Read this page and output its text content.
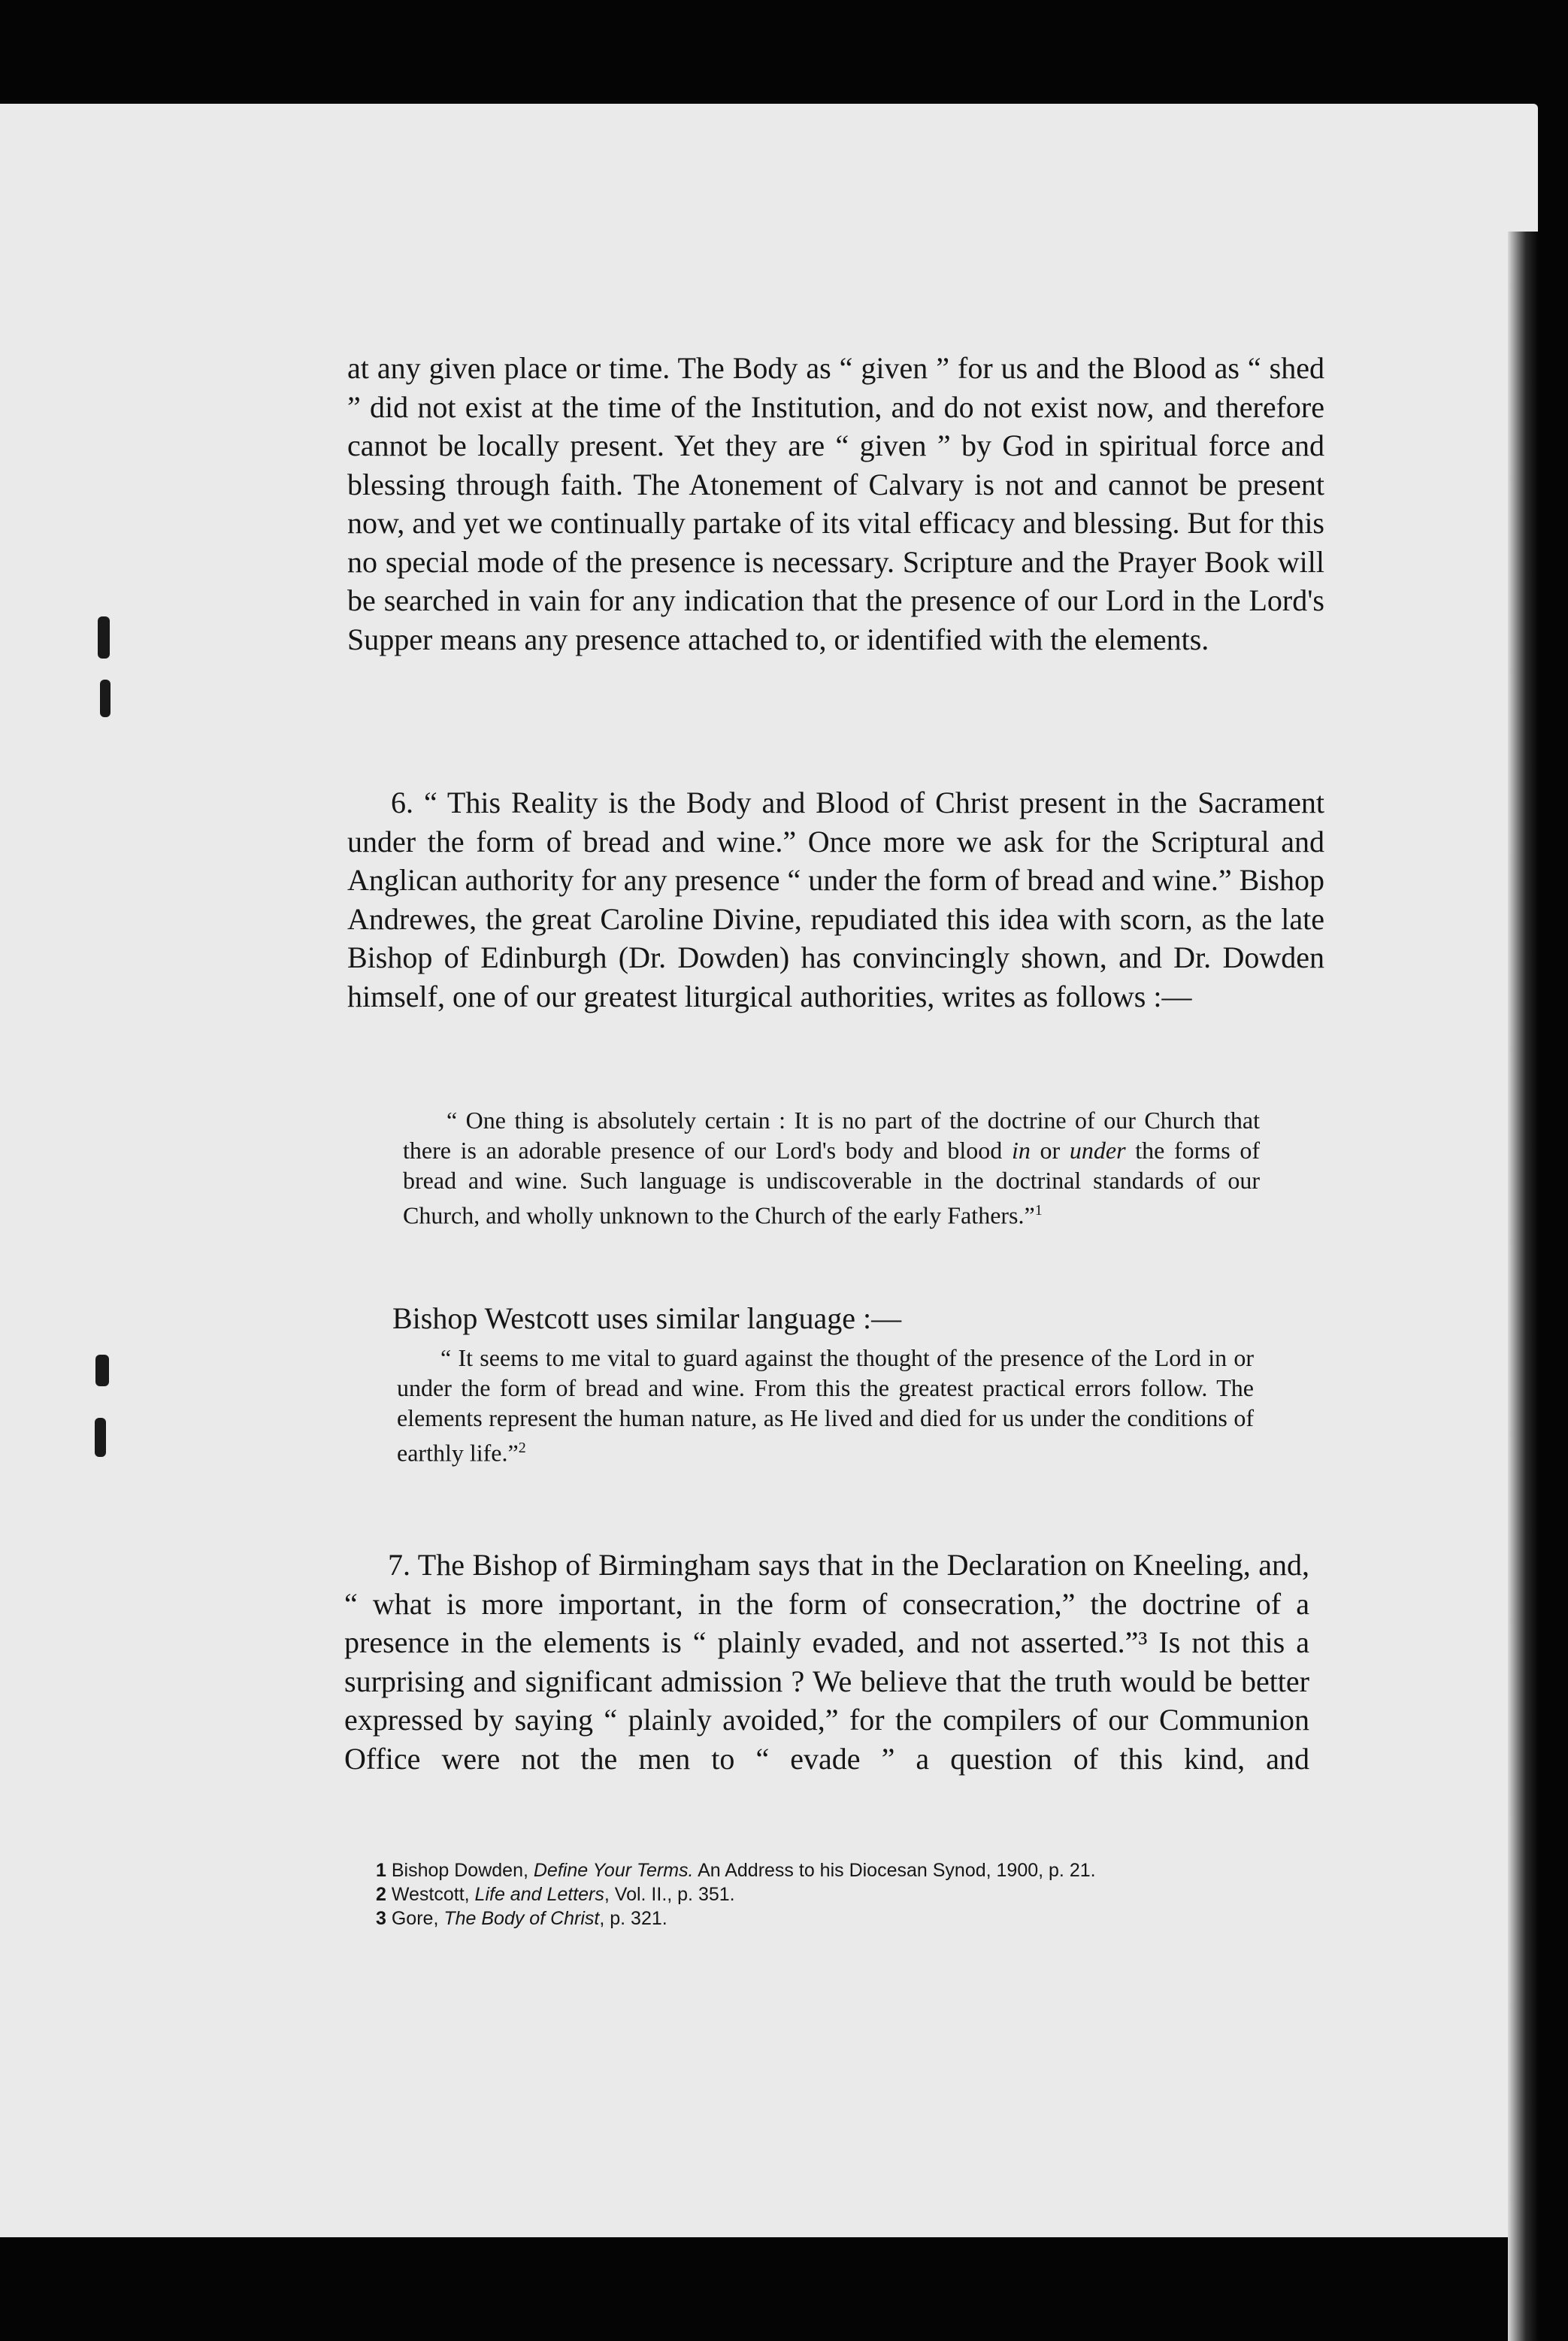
at any given place or time. The Body as “ given ” for us and the Blood as “ shed ” did not exist at the time of the Institution, and do not exist now, and therefore cannot be locally present. Yet they are “ given ” by God in spiritual force and blessing through faith. The Atonement of Calvary is not and cannot be present now, and yet we continually partake of its vital efficacy and blessing. But for this no special mode of the presence is necessary. Scripture and the Prayer Book will be searched in vain for any indication that the presence of our Lord in the Lord's Supper means any presence attached to, or identified with the elements.

6. “ This Reality is the Body and Blood of Christ present in the Sacrament under the form of bread and wine.” Once more we ask for the Scriptural and Anglican authority for any presence “ under the form of bread and wine.” Bishop Andrewes, the great Caroline Divine, repudiated this idea with scorn, as the late Bishop of Edinburgh (Dr. Dowden) has convincingly shown, and Dr. Dowden himself, one of our greatest liturgical authorities, writes as follows :—

“ One thing is absolutely certain : It is no part of the doctrine of our Church that there is an adorable presence of our Lord's body and blood in or under the forms of bread and wine. Such language is undiscoverable in the doctrinal standards of our Church, and wholly unknown to the Church of the early Fathers.”$^1$

Bishop Westcott uses similar language :—

“ It seems to me vital to guard against the thought of the presence of the Lord in or under the form of bread and wine. From this the greatest practical errors follow. The elements represent the human nature, as He lived and died for us under the conditions of earthly life.”$^2$

7. The Bishop of Birmingham says that in the Declaration on Kneeling, and, “ what is more important, in the form of consecration,” the doctrine of a presence in the elements is “ plainly evaded, and not asserted.”³ Is not this a surprising and significant admission ? We believe that the truth would be better expressed by saying “ plainly avoided,” for the compilers of our Communion Office were not the men to “ evade ” a question of this kind, and

1 Bishop Dowden, Define Your Terms. An Address to his Diocesan Synod, 1900, p. 21.
2 Westcott, Life and Letters, Vol. II., p. 351.
3 Gore, The Body of Christ, p. 321.
